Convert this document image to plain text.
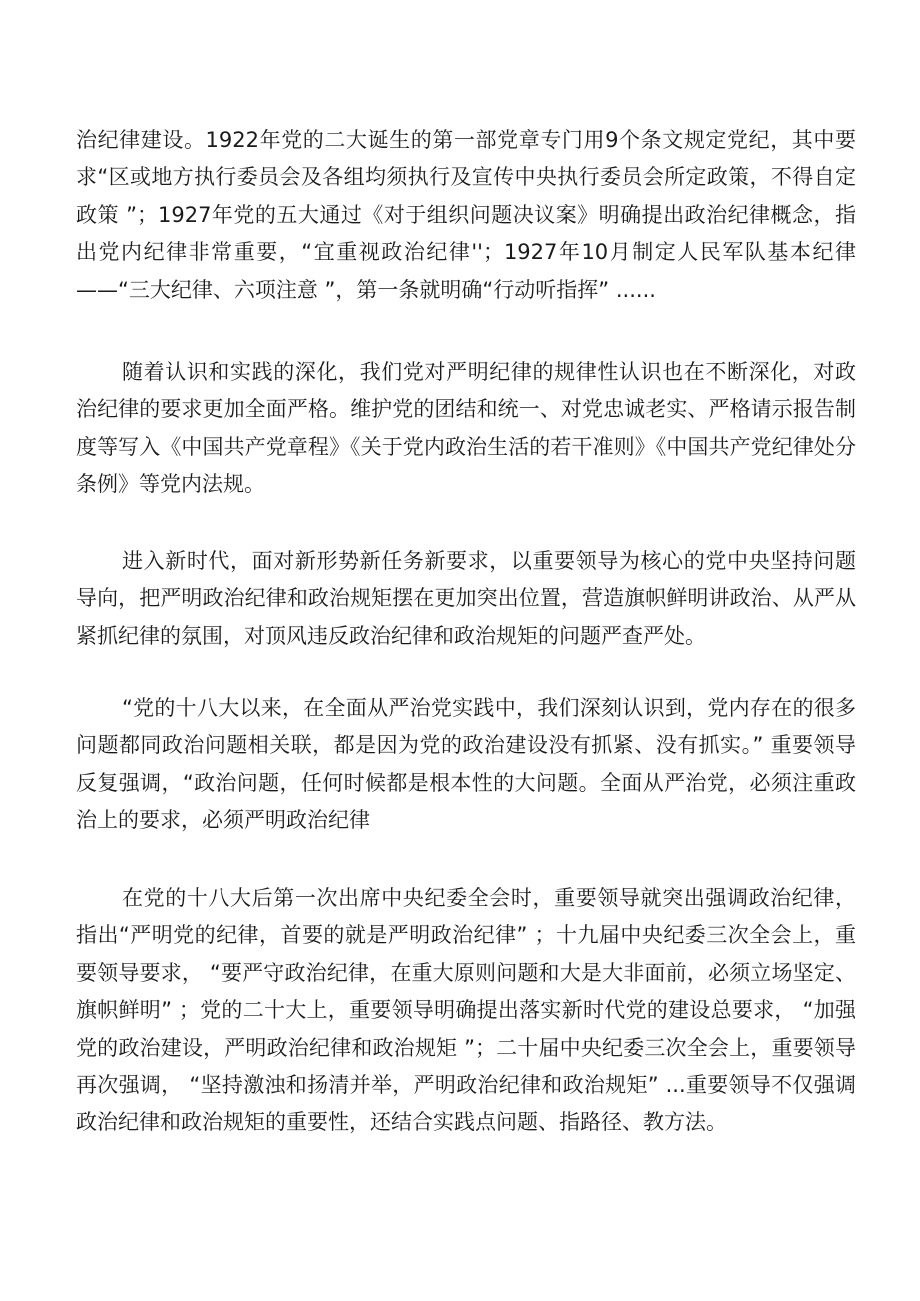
治纪律建设。1922年党的二大诞生的第一部党章专门用9个条文规定党纪，其中要求“区或地方执行委员会及各组均须执行及宣传中央执行委员会所定政策，不得自定政策 ”；1927年党的五大通过《对于组织问题决议案》明确提出政治纪律概念，指出党内纪律非常重要，“宜重视政治纪律''；1927年10月制定人民军队基本纪律——“三大纪律、六项注意 ”，第一条就明确“行动听指挥” ......

随着认识和实践的深化，我们党对严明纪律的规律性认识也在不断深化，对政治纪律的要求更加全面严格。维护党的团结和统一、对党忠诚老实、严格请示报告制度等写入《中国共产党章程》《关于党内政治生活的若干准则》《中国共产党纪律处分条例》等党内法规。

进入新时代，面对新形势新任务新要求，以重要领导为核心的党中央坚持问题导向，把严明政治纪律和政治规矩摆在更加突出位置，营造旗帜鲜明讲政治、从严从紧抓纪律的氛围，对顶风违反政治纪律和政治规矩的问题严查严处。

“党的十八大以来，在全面从严治党实践中，我们深刻认识到，党内存在的很多问题都同政治问题相关联，都是因为党的政治建设没有抓紧、没有抓实。” 重要领导反复强调，“政治问题，任何时候都是根本性的大问题。全面从严治党，必须注重政治上的要求，必须严明政治纪律

在党的十八大后第一次出席中央纪委全会时，重要领导就突出强调政治纪律，指出“严明党的纪律，首要的就是严明政治纪律” ；十九届中央纪委三次全会上，重要领导要求， “要严守政治纪律，在重大原则问题和大是大非面前，必须立场坚定、旗帜鲜明” ；党的二十大上，重要领导明确提出落实新时代党的建设总要求， “加强党的政治建设，严明政治纪律和政治规矩 ”；二十届中央纪委三次全会上，重要领导再次强调， “坚持激浊和扬清并举，严明政治纪律和政治规矩” ...重要领导不仅强调政治纪律和政治规矩的重要性，还结合实践点问题、指路径、教方法。
